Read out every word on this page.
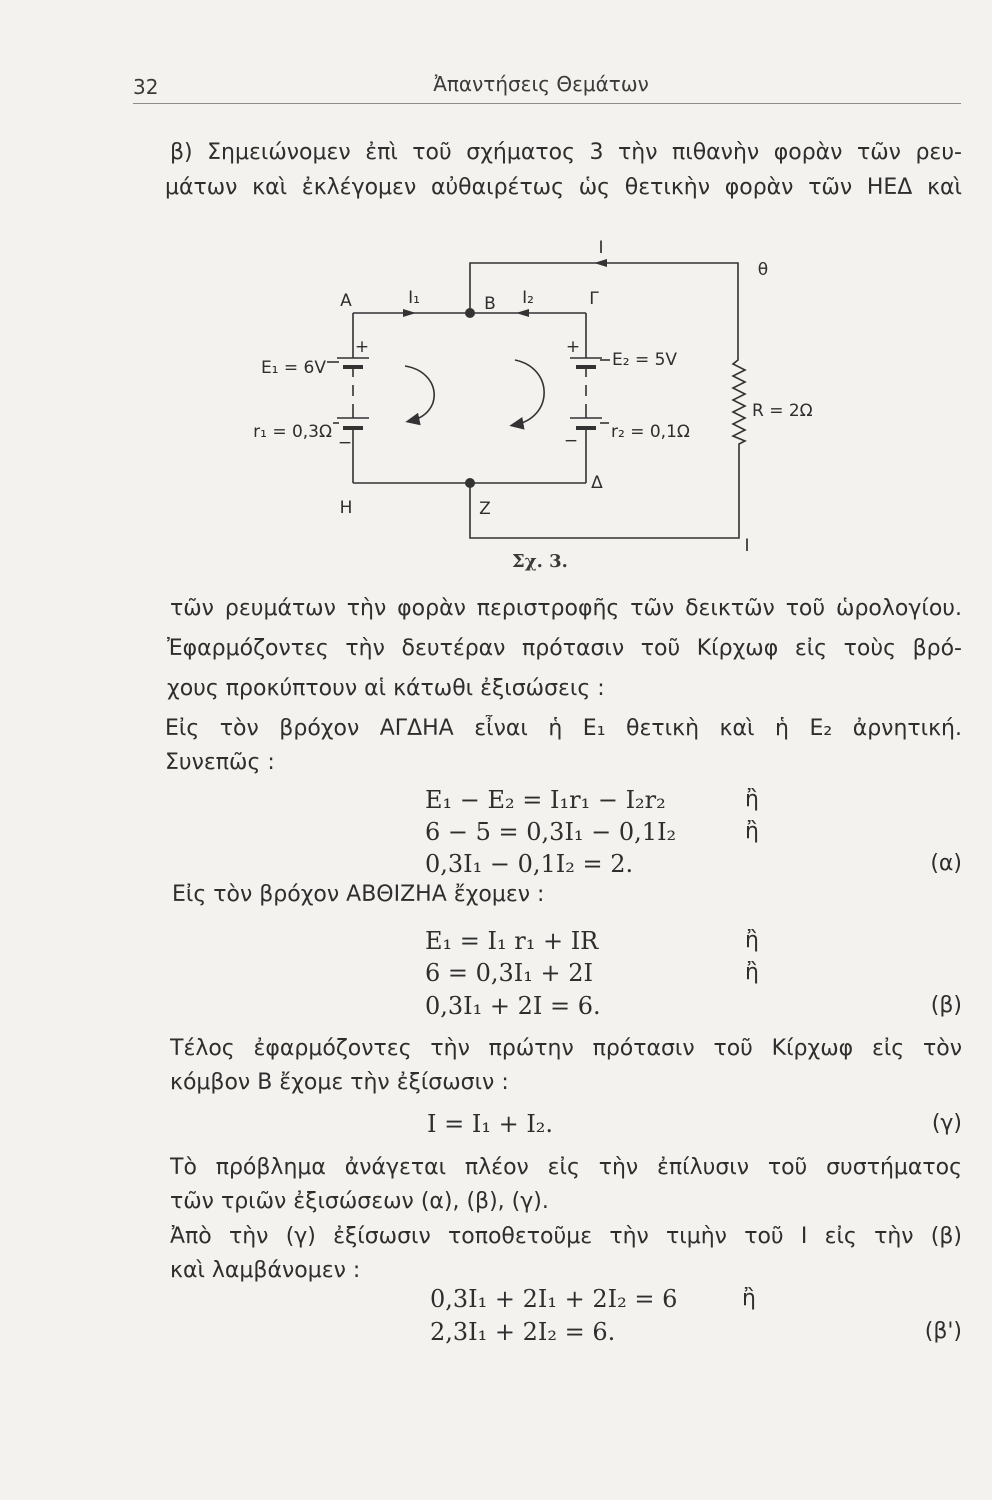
32	Ἀπαντήσεις Θεμάτων
β) Σημειώνομεν ἐπὶ τοῦ σχήματος 3 τὴν πιθανὴν φορὰν τῶν ρευ-
μάτων καὶ ἐκλέγομεν αὐθαιρέτως ὡς θετικὴν φορὰν τῶν ΗΕΔ καὶ
Α	Β	Γ
θ
Η	Ζ
Δ
Ι
I
I₁	I₂
E₁ = 6V
r₁ = 0,3Ω
E₂ = 5V
r₂ = 0,1Ω
R = 2Ω
+
−
+
−
Σχ. 3.
τῶν ρευμάτων τὴν φορὰν περιστροφῆς τῶν δεικτῶν τοῦ ὡρολογίου.
Ἐφαρμόζοντες τὴν δευτέραν πρότασιν τοῦ Κίρχωφ εἰς τοὺς βρό-
χους προκύπτουν αἱ κάτωθι ἐξισώσεις :
Εἰς τὸν βρόχον ΑΓΔΗΑ εἶναι ἡ E₁ θετικὴ καὶ ἡ E₂ ἀρνητική.
Συνεπῶς :
E₁ − E₂ = I₁r₁ − I₂r₂	ἢ
6 − 5 = 0,3I₁ − 0,1I₂	ἢ
0,3I₁ − 0,1I₂ = 2.	(α)
Εἰς τὸν βρόχον ΑΒΘΙΖΗΑ ἔχομεν :
E₁ = I₁ r₁ + IR	ἢ
6 = 0,3I₁ + 2I	ἢ
0,3I₁ + 2I = 6.	(β)
Τέλος ἐφαρμόζοντες τὴν πρώτην πρότασιν τοῦ Κίρχωφ εἰς τὸν
κόμβον Β ἔχομε τὴν ἐξίσωσιν :
I = I₁ + I₂.	(γ)
Τὸ πρόβλημα ἀνάγεται πλέον εἰς τὴν ἐπίλυσιν τοῦ συστήματος
τῶν τριῶν ἐξισώσεων (α), (β), (γ).
Ἀπὸ τὴν (γ) ἐξίσωσιν τοποθετοῦμε τὴν τιμὴν τοῦ I εἰς τὴν (β)
καὶ λαμβάνομεν :
0,3I₁ + 2I₁ + 2I₂ = 6	ἢ
2,3I₁ + 2I₂ = 6.	(β')
